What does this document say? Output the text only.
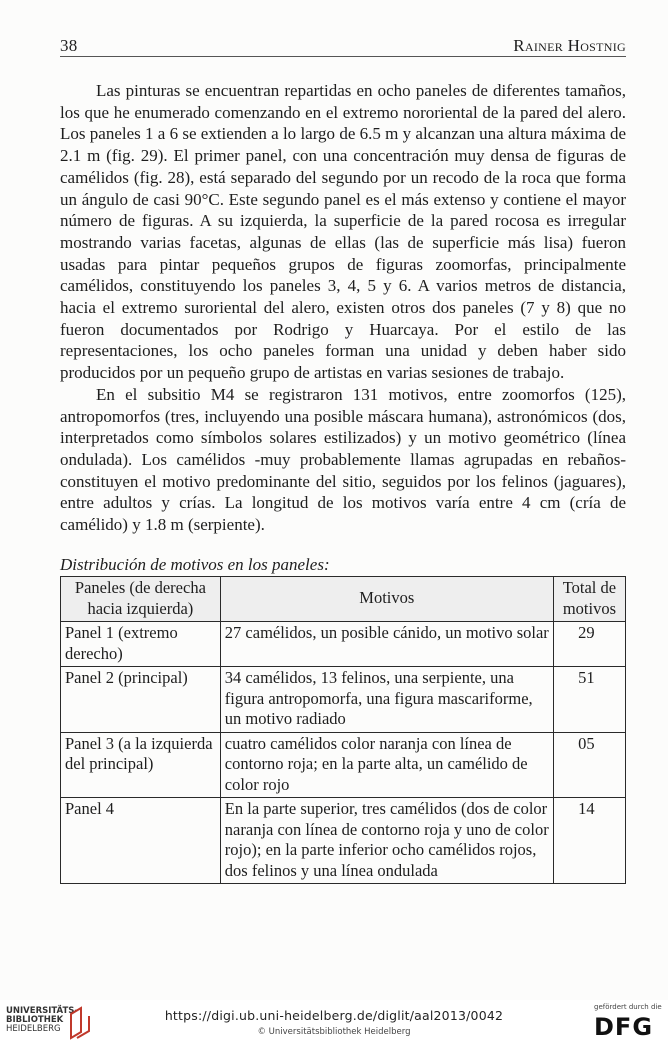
38	Rainer Hostnig

Las pinturas se encuentran repartidas en ocho paneles de diferentes tamaños, los que he enumerado comenzando en el extremo nororiental de la pared del alero. Los paneles 1 a 6 se extienden a lo largo de 6.5 m y alcanzan una altura máxima de 2.1 m (fig. 29). El primer panel, con una concentración muy densa de figuras de camélidos (fig. 28), está separado del segundo por un recodo de la roca que forma un ángulo de casi 90°C. Este segundo panel es el más extenso y contiene el mayor número de figuras. A su izquierda, la superficie de la pared rocosa es irregular mostrando varias facetas, algunas de ellas (las de superficie más lisa) fueron usadas para pintar pequeños grupos de figuras zoomorfas, principalmente camélidos, constituyendo los paneles 3, 4, 5 y 6. A varios metros de distancia, hacia el extremo suroriental del alero, existen otros dos paneles (7 y 8) que no fueron documentados por Rodrigo y Huarcaya. Por el estilo de las representaciones, los ocho paneles forman una unidad y deben haber sido producidos por un pequeño grupo de artistas en varias sesiones de trabajo.

En el subsitio M4 se registraron 131 motivos, entre zoomorfos (125), antropomorfos (tres, incluyendo una posible máscara humana), astronómicos (dos, interpretados como símbolos solares estilizados) y un motivo geométrico (línea ondulada). Los camélidos -muy probablemente llamas agrupadas en rebaños- constituyen el motivo predominante del sitio, seguidos por los felinos (jaguares), entre adultos y crías. La longitud de los motivos varía entre 4 cm (cría de camélido) y 1.8 m (serpiente).

Distribución de motivos en los paneles:
Paneles (de derecha hacia izquierda)	Motivos	Total de motivos
Panel 1 (extremo derecho)	27 camélidos, un posible cánido, un motivo solar	29
Panel 2 (principal)	34 camélidos, 13 felinos, una serpiente, una figura antropomorfa, una figura mascariforme, un motivo radiado	51
Panel 3 (a la izquierda del principal)	cuatro camélidos color naranja con línea de contorno roja; en la parte alta, un camélido de color rojo	05
Panel 4	En la parte superior, tres camélidos (dos de color naranja con línea de contorno roja y uno de color rojo); en la parte inferior ocho camélidos rojos, dos felinos y una línea ondulada	14
UNIVERSITÄTS-
BIBLIOTHEK
HEIDELBERG
https://digi.ub.uni-heidelberg.de/diglit/aal2013/0042
© Universitätsbibliothek Heidelberg
gefördert durch die
DFG
